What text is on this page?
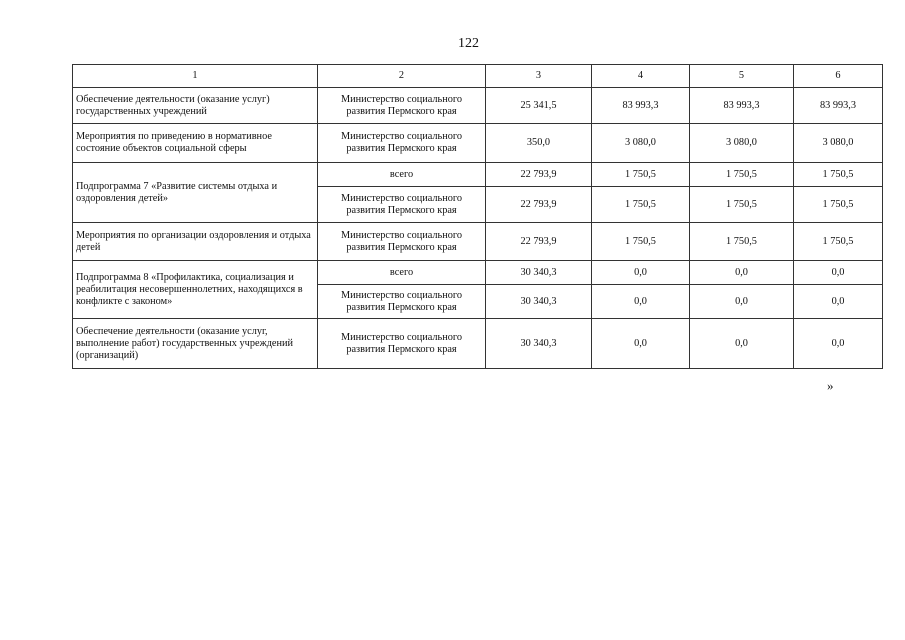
122
1	2	3	4	5	6
Обеспечение деятельности (оказание услуг) государственных учреждений	Министерство социального развития Пермского края	25 341,5	83 993,3	83 993,3	83 993,3
Мероприятия по приведению в нормативное состояние объектов социальной сферы	Министерство социального развития Пермского края	350,0	3 080,0	3 080,0	3 080,0
Подпрограмма 7 «Развитие системы отдыха и оздоровления детей»	всего	22 793,9	1 750,5	1 750,5	1 750,5
	Министерство социального развития Пермского края	22 793,9	1 750,5	1 750,5	1 750,5
Мероприятия по организации оздоровления и отдыха детей	Министерство социального развития Пермского края	22 793,9	1 750,5	1 750,5	1 750,5
Подпрограмма 8 «Профилактика, социализация и реабилитация несовершеннолетних, находящихся в конфликте с законом»	всего	30 340,3	0,0	0,0	0,0
	Министерство социального развития Пермского края	30 340,3	0,0	0,0	0,0
Обеспечение деятельности (оказание услуг, выполнение работ) государственных учреждений (организаций)	Министерство социального развития Пермского края	30 340,3	0,0	0,0	0,0
»
